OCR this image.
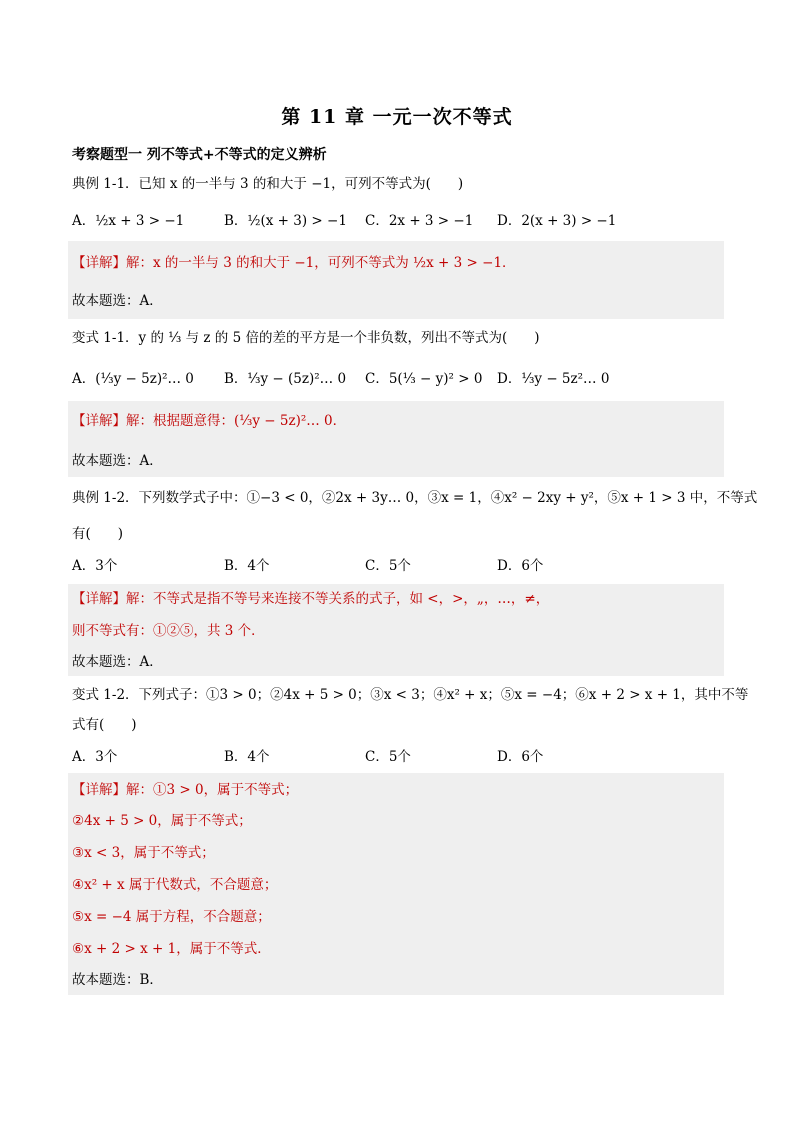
第 11 章 一元一次不等式
考察题型一 列不等式+不等式的定义辨析
典例 1-1．已知 x 的一半与 3 的和大于 −1，可列不等式为(　　)
A．½x + 3 > −1	B．½(x + 3) > −1 C．2x + 3 > −1 D．2(x + 3) > −1
【详解】解：x 的一半与 3 的和大于 −1，可列不等式为 ½x + 3 > −1．
故本题选：A．
变式 1-1．y 的 ⅓ 与 z 的 5 倍的差的平方是一个非负数，列出不等式为(　　)
A．(⅓y − 5z)²… 0 B．⅓y − (5z)²… 0 C．5(⅓ − y)² > 0 D．⅓y − 5z²… 0
【详解】解：根据题意得：(⅓y − 5z)²… 0．
故本题选：A．
典例 1-2．下列数学式子中：①−3 < 0，②2x + 3y… 0，③x = 1，④x² − 2xy + y²，⑤x + 1 > 3 中，不等式
有(　　)
A．3个	B．4个	C．5个	D．6个
【详解】解：不等式是指不等号来连接不等关系的式子，如 <，>，„，…，≠，
则不等式有：①②⑤，共 3 个．
故本题选：A．
变式 1-2．下列式子：①3 > 0；②4x + 5 > 0；③x < 3；④x² + x；⑤x = −4；⑥x + 2 > x + 1，其中不等
式有(　　)
A．3个	B．4个	C．5个	D．6个
【详解】解：①3 > 0，属于不等式；
②4x + 5 > 0，属于不等式；
③x < 3，属于不等式；
④x² + x 属于代数式，不合题意；
⑤x = −4 属于方程，不合题意；
⑥x + 2 > x + 1，属于不等式．
故本题选：B．
